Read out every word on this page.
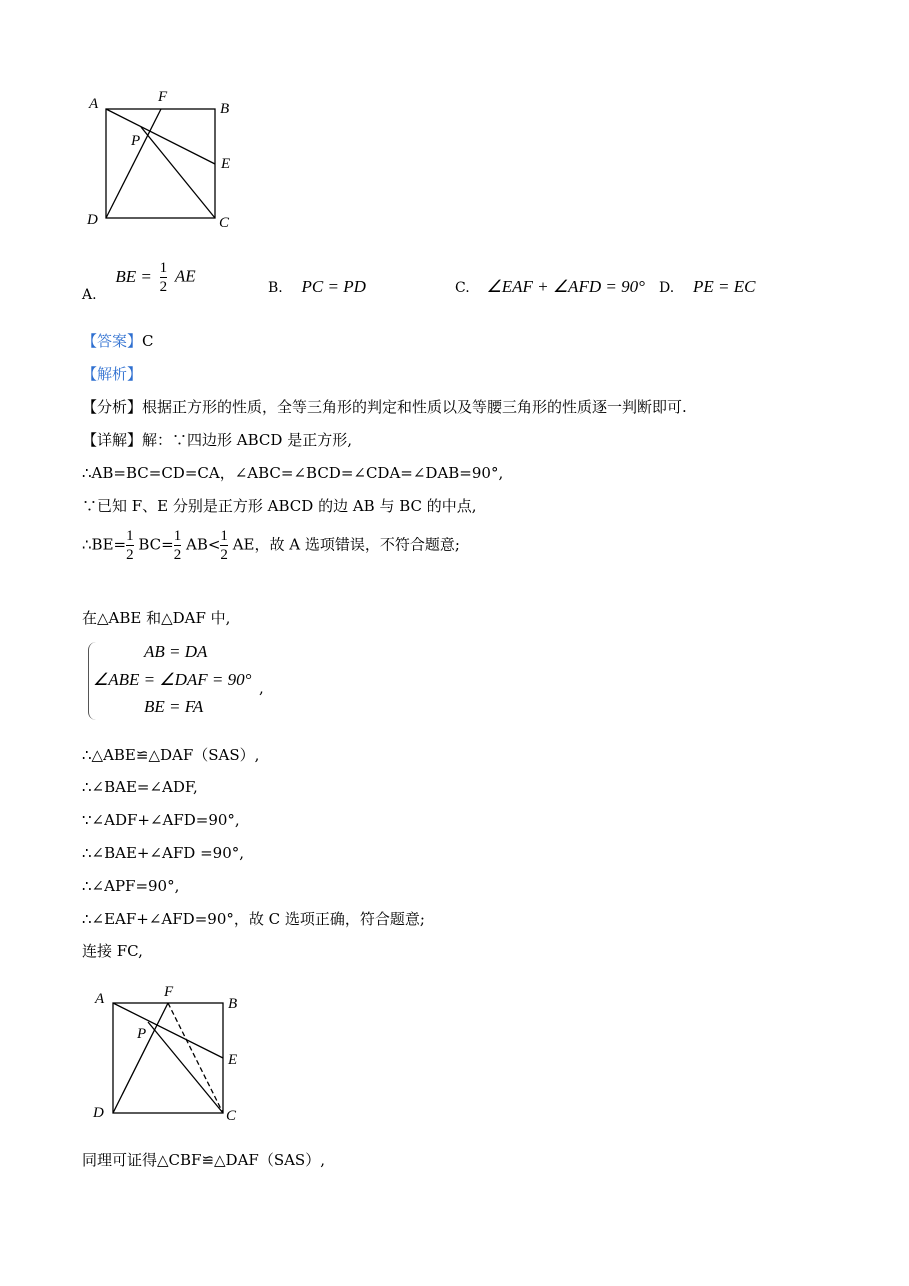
A	F
B
P
E
D	C
A. BE = $\frac{1}{2}$ AE
B. PC = PD	C. ∠EAF + ∠AFD = 90° D. PE = EC
【答案】C
【解析】
【分析】根据正方形的性质，全等三角形的判定和性质以及等腰三角形的性质逐一判断即可.
【详解】解：∵四边形 ABCD 是正方形,
∴AB=BC=CD=CA，∠ABC=∠BCD=∠CDA=∠DAB=90°,
∵已知 F、E 分别是正方形 ABCD 的边 AB 与 BC 的中点,
∴BE= $\frac{1}{2} BC= \frac{1}{2} AB< \frac{1}{2}$ AE，故 A 选项错误，不符合题意;
在△ABE 和△DAF 中,
AB = DA
∠ABE = ∠DAF = 90° ,
BE = FA
∴△ABE≌△DAF（SAS）,
∴∠BAE=∠ADF,
∵∠ADF+∠AFD=90°,
∴∠BAE+∠AFD =90°,
∴∠APF=90°,
∴∠EAF+∠AFD=90°，故 C 选项正确，符合题意;
连接 FC,
A	F
B
P
E
D	C
同理可证得△CBF≌△DAF（SAS）,
